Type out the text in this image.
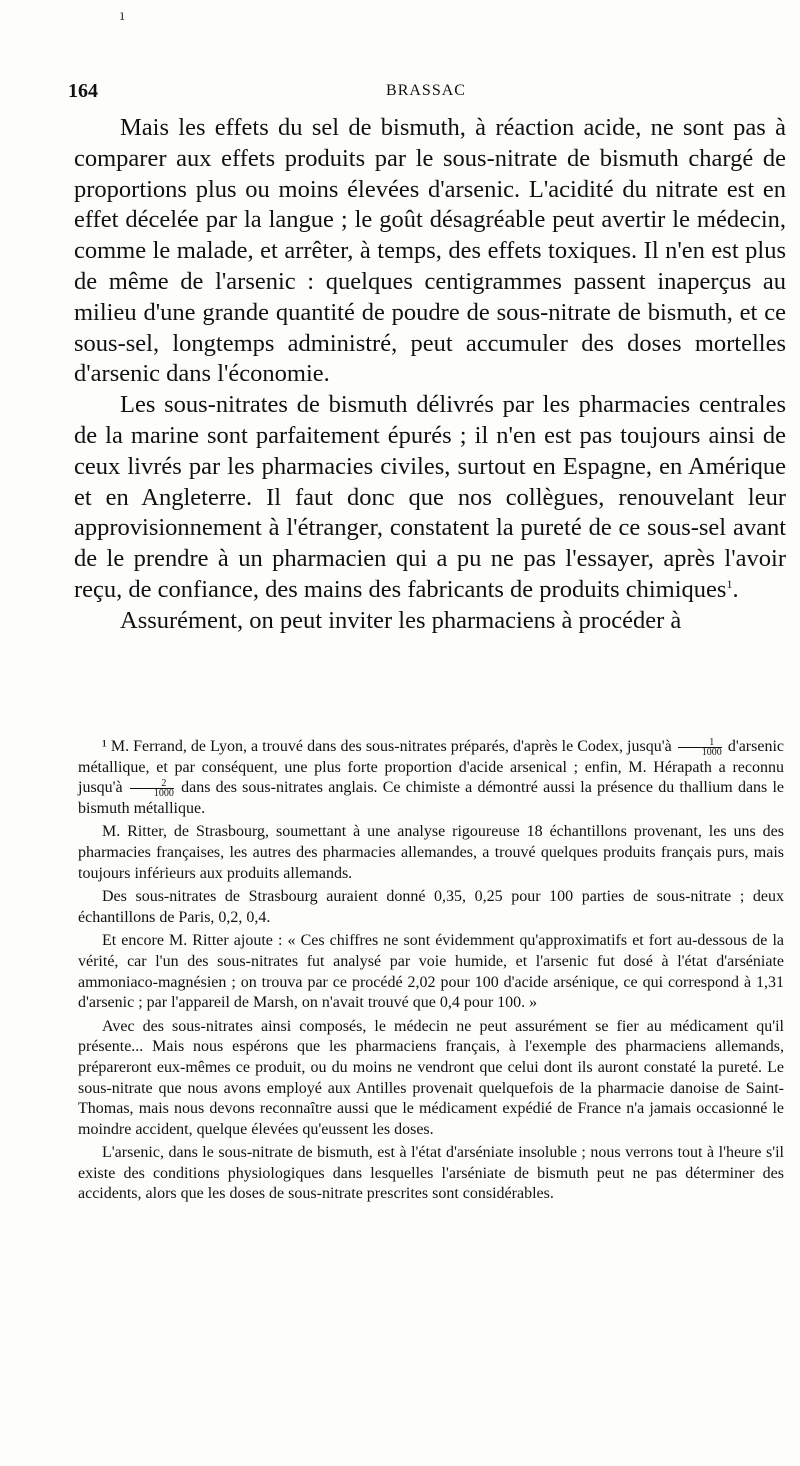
ı
164	BRASSAC

Mais les effets du sel de bismuth, à réaction acide, ne sont pas à comparer aux effets produits par le sous-nitrate de bismuth chargé de proportions plus ou moins élevées d'arsenic. L'acidité du nitrate est en effet décelée par la langue ; le goût désagréable peut avertir le médecin, comme le malade, et arrêter, à temps, des effets toxiques. Il n'en est plus de même de l'arsenic : quelques centigrammes passent inaperçus au milieu d'une grande quantité de poudre de sous-nitrate de bismuth, et ce sous-sel, longtemps administré, peut accumuler des doses mortelles d'arsenic dans l'économie.

Les sous-nitrates de bismuth délivrés par les pharmacies centrales de la marine sont parfaitement épurés ; il n'en est pas toujours ainsi de ceux livrés par les pharmacies civiles, surtout en Espagne, en Amérique et en Angleterre. Il faut donc que nos collègues, renouvelant leur approvisionnement à l'étranger, constatent la pureté de ce sous-sel avant de le prendre à un pharmacien qui a pu ne pas l'essayer, après l'avoir reçu, de confiance, des mains des fabricants de produits chimiques$^1$.

Assurément, on peut inviter les pharmaciens à procéder à

¹ M. Ferrand, de Lyon, a trouvé dans des sous-nitrates préparés, d'après le Codex, jusqu'à $\frac{1}{1000}$ d'arsenic métallique, et par conséquent, une plus forte proportion d'acide arsenical ; enfin, M. Hérapath a reconnu jusqu'à $\frac{2}{1000}$ dans des sous-nitrates anglais. Ce chimiste a démontré aussi la présence du thallium dans le bismuth métallique.

M. Ritter, de Strasbourg, soumettant à une analyse rigoureuse 18 échantillons provenant, les uns des pharmacies françaises, les autres des pharmacies allemandes, a trouvé quelques produits français purs, mais toujours inférieurs aux produits allemands.

Des sous-nitrates de Strasbourg auraient donné 0,35, 0,25 pour 100 parties de sous-nitrate ; deux échantillons de Paris, 0,2, 0,4.

Et encore M. Ritter ajoute : « Ces chiffres ne sont évidemment qu'approximatifs et fort au-dessous de la vérité, car l'un des sous-nitrates fut analysé par voie humide, et l'arsenic fut dosé à l'état d'arséniate ammoniaco-magnésien ; on trouva par ce procédé 2,02 pour 100 d'acide arsénique, ce qui correspond à 1,31 d'arsenic ; par l'appareil de Marsh, on n'avait trouvé que 0,4 pour 100. »

Avec des sous-nitrates ainsi composés, le médecin ne peut assurément se fier au médicament qu'il présente... Mais nous espérons que les pharmaciens français, à l'exemple des pharmaciens allemands, prépareront eux-mêmes ce produit, ou du moins ne vendront que celui dont ils auront constaté la pureté. Le sous-nitrate que nous avons employé aux Antilles provenait quelquefois de la pharmacie danoise de Saint-Thomas, mais nous devons reconnaître aussi que le médicament expédié de France n'a jamais occasionné le moindre accident, quelque élevées qu'eussent les doses.

L'arsenic, dans le sous-nitrate de bismuth, est à l'état d'arséniate insoluble ; nous verrons tout à l'heure s'il existe des conditions physiologiques dans lesquelles l'arséniate de bismuth peut ne pas déterminer des accidents, alors que les doses de sous-nitrate prescrites sont considérables.
